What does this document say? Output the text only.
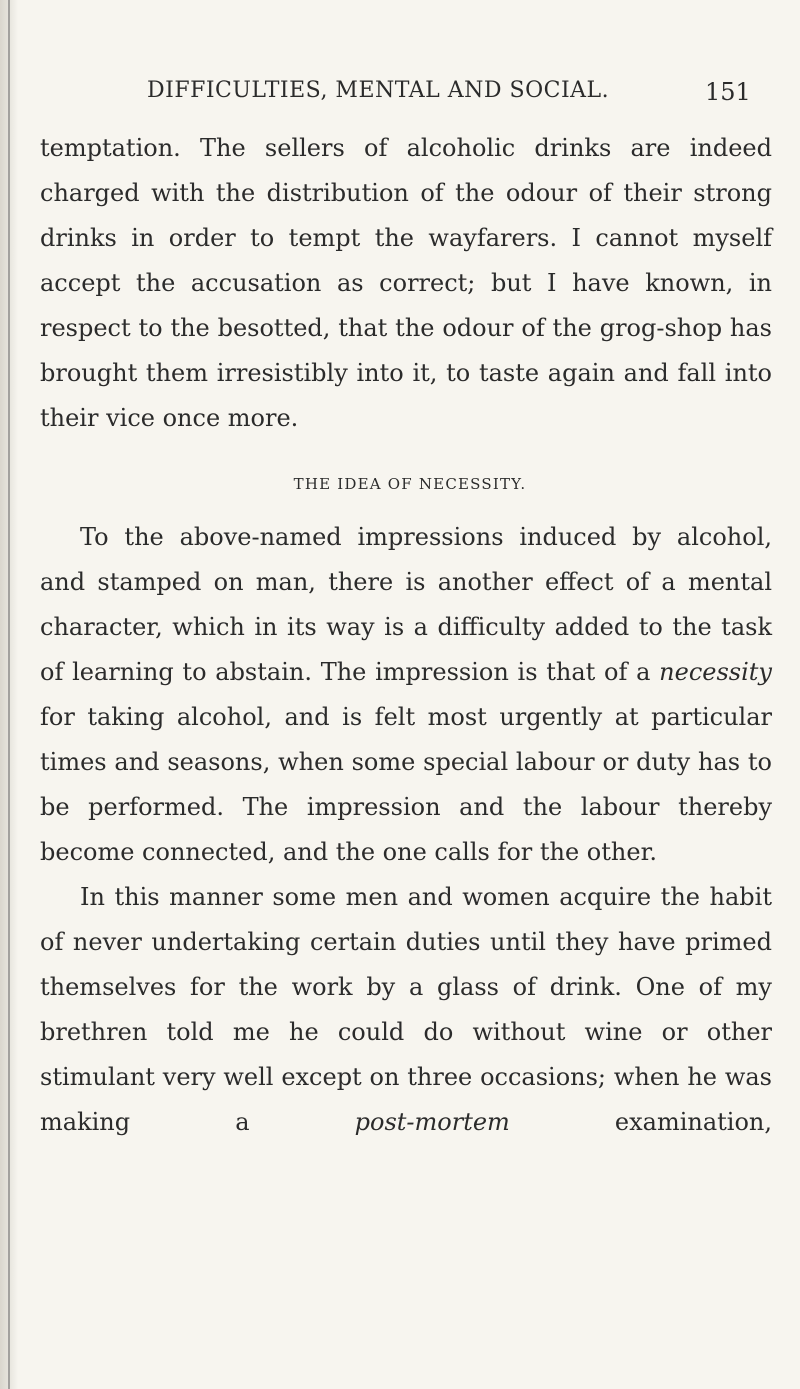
DIFFICULTIES, MENTAL AND SOCIAL.	151

temptation. The sellers of alcoholic drinks are indeed charged with the distribution of the odour of their strong drinks in order to tempt the wayfarers. I cannot myself accept the accusation as correct; but I have known, in respect to the besotted, that the odour of the grog-shop has brought them irresistibly into it, to taste again and fall into their vice once more.

THE IDEA OF NECESSITY.

To the above-named impressions induced by alcohol, and stamped on man, there is another effect of a mental character, which in its way is a difficulty added to the task of learning to abstain. The impression is that of a necessity for taking alcohol, and is felt most urgently at particular times and seasons, when some special labour or duty has to be performed. The impression and the labour thereby become connected, and the one calls for the other.

In this manner some men and women acquire the habit of never undertaking certain duties until they have primed themselves for the work by a glass of drink. One of my brethren told me he could do without wine or other stimulant very well except on three occasions; when he was making a post-mortem examination,
